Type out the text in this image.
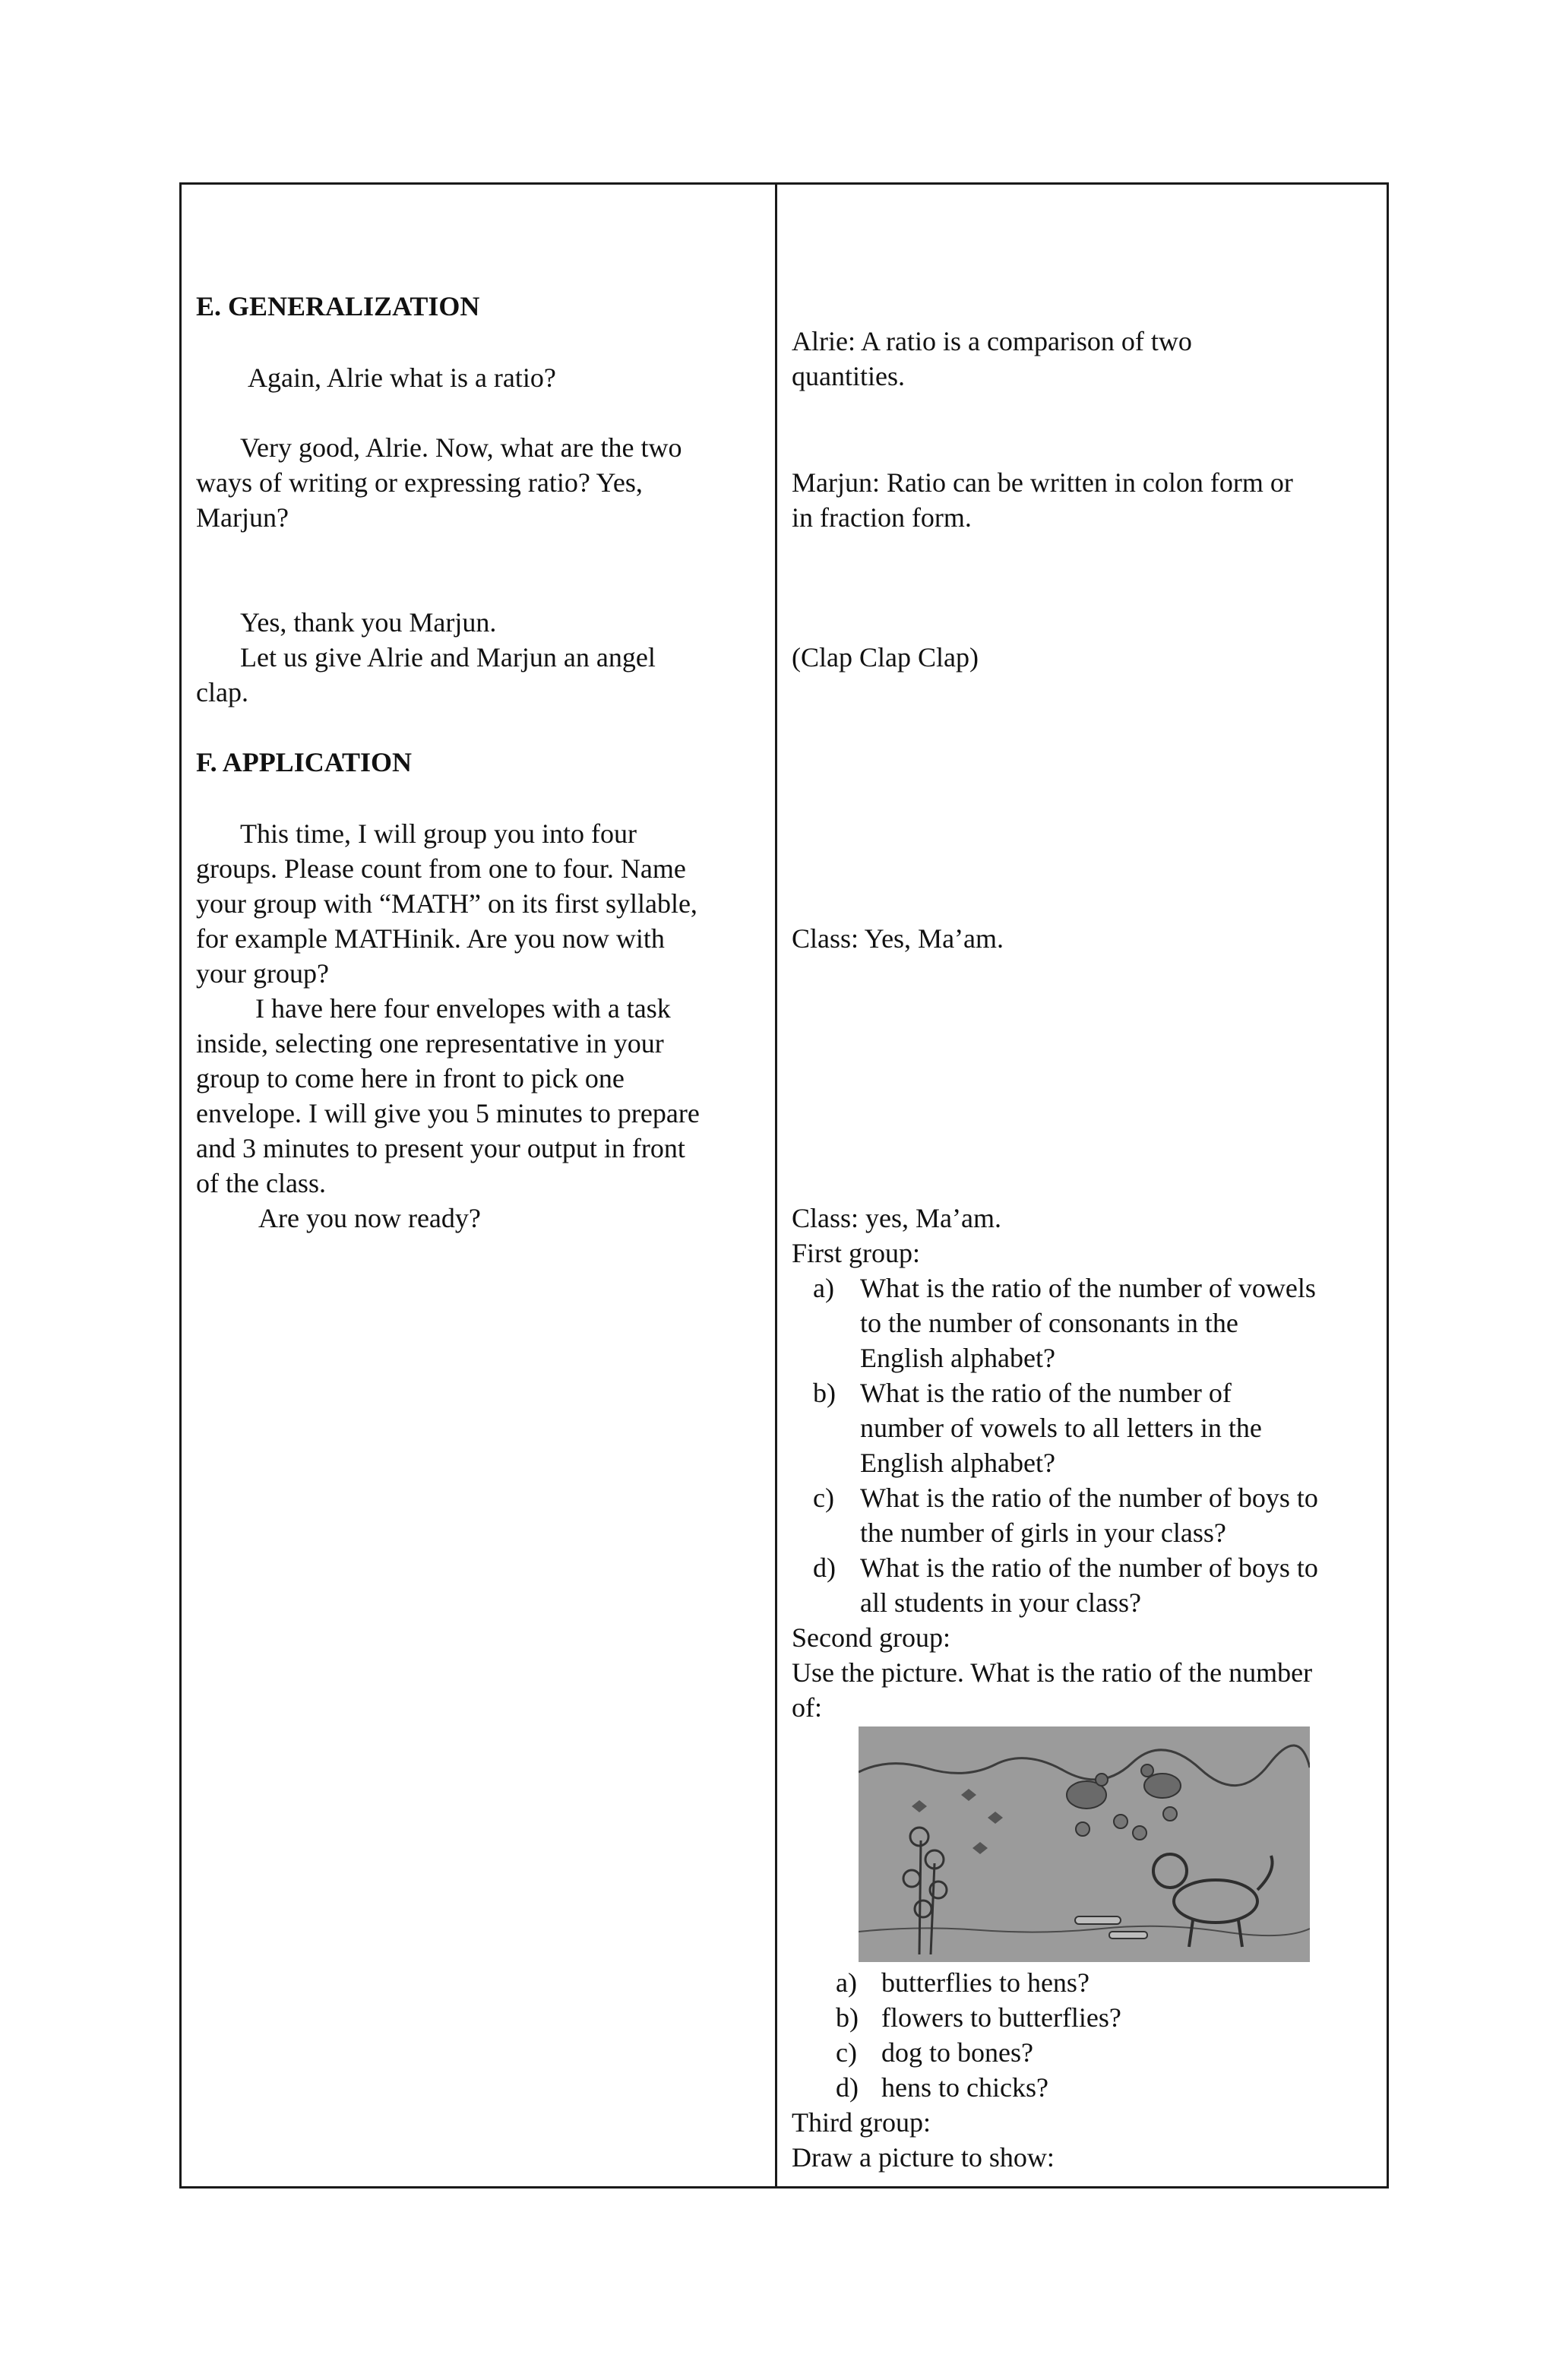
E. GENERALIZATION
Again, Alrie what is a ratio?
Very good, Alrie. Now, what are the two
ways of writing or expressing ratio? Yes,
Marjun?
Yes, thank you Marjun.
Let us give Alrie and Marjun an angel
clap.
F. APPLICATION
This time, I will group you into four
groups. Please count from one to four. Name
your group with “MATH” on its first syllable,
for example MATHinik. Are you now with
your group?
I have here four envelopes with a task
inside, selecting one representative in your
group to come here in front to pick one
envelope. I will give you 5 minutes to prepare
and 3 minutes to present your output in front
of the class.
Are you now ready?
Alrie: A ratio is a comparison of two
quantities.
Marjun: Ratio can be written in colon form or
in fraction form.
(Clap Clap Clap)
Class: Yes, Ma’am.
Class: yes, Ma’am.
First group:
a) What is the ratio of the number of vowels
to the number of consonants in the
English alphabet?
b) What is the ratio of the number of
number of vowels to all letters in the
English alphabet?
c) What is the ratio of the number of boys to
the number of girls in your class?
d) What is the ratio of the number of boys to
all students in your class?
Second group:
Use the picture. What is the ratio of the number
of:
a) butterflies to hens?
b) flowers to butterflies?
c) dog to bones?
d) hens to chicks?
Third group:
Draw a picture to show:
